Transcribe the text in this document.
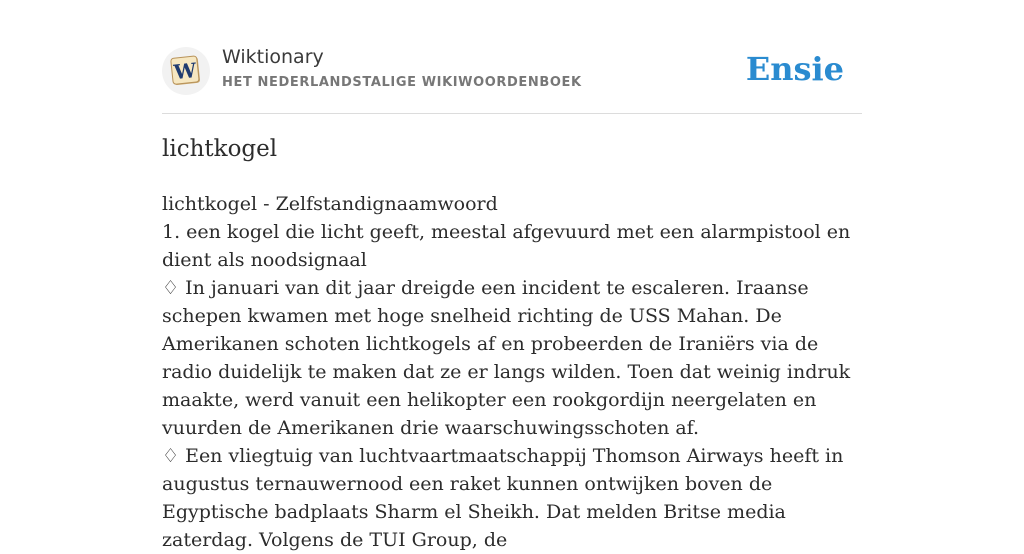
W
Wiktionary
HET NEDERLANDSTALIGE WIKIWOORDENBOEK	Ensie
lichtkogel

lichtkogel - Zelfstandignaamwoord

1. een kogel die licht geeft, meestal afgevuurd met een alarmpistool en dient als noodsignaal

♢ In januari van dit jaar dreigde een incident te escaleren. Iraanse schepen kwamen met hoge snelheid richting de USS Mahan. De Amerikanen schoten lichtkogels af en probeerden de Iraniërs via de radio duidelijk te maken dat ze er langs wilden. Toen dat weinig indruk maakte, werd vanuit een helikopter een rookgordijn neergelaten en vuurden de Amerikanen drie waarschuwingsschoten af.

♢ Een vliegtuig van luchtvaartmaatschappij Thomson Airways heeft in augustus ternauwernood een raket kunnen ontwijken boven de Egyptische badplaats Sharm el Sheikh. Dat melden Britse media zaterdag. Volgens de TUI Group, de
